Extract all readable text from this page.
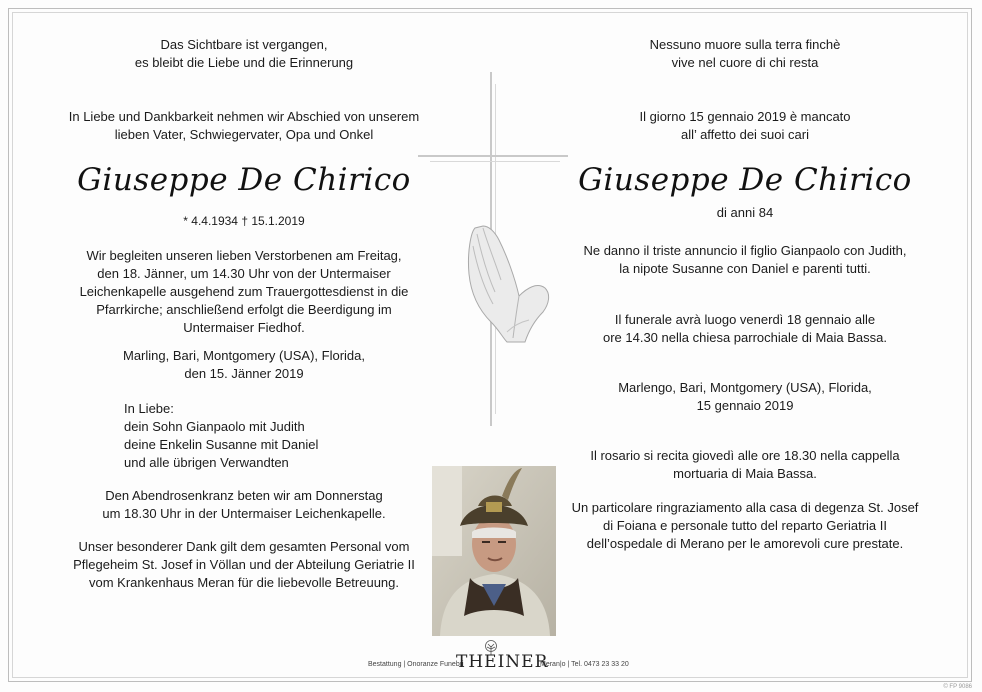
Das Sichtbare ist vergangen,
es bleibt die Liebe und die Erinnerung
In Liebe und Dankbarkeit nehmen wir Abschied von unserem
lieben Vater, Schwiegervater, Opa und Onkel
Giuseppe De Chirico
* 4.4.1934 † 15.1.2019
Wir begleiten unseren lieben Verstorbenen am Freitag,
den 18. Jänner, um 14.30 Uhr von der Untermaiser
Leichenkapelle ausgehend zum Trauergottesdienst in die
Pfarrkirche; anschließend erfolgt die Beerdigung im
Untermaiser Fiedhof.
Marling, Bari, Montgomery (USA), Florida,
den 15. Jänner 2019
In Liebe:
dein Sohn Gianpaolo mit Judith
deine Enkelin Susanne mit Daniel
und alle übrigen Verwandten
Den Abendrosenkranz beten wir am Donnerstag
um 18.30 Uhr in der Untermaiser Leichenkapelle.
Unser besonderer Dank gilt dem gesamten Personal vom
Pflegeheim St. Josef in Völlan und der Abteilung Geriatrie II
vom Krankenhaus Meran für die liebevolle Betreuung.
Nessuno muore sulla terra finchè
vive nel cuore di chi resta
Il giorno 15 gennaio 2019 è mancato
all’ affetto dei suoi cari
Giuseppe De Chirico
di anni 84
Ne danno il triste annuncio il figlio Gianpaolo con Judith,
la nipote Susanne con Daniel e parenti tutti.
Il funerale avrà luogo venerdì 18 gennaio alle
ore 14.30 nella chiesa parrochiale di Maia Bassa.
Marlengo, Bari, Montgomery (USA), Florida,
15 gennaio 2019
Il rosario si recita giovedì alle ore 18.30 nella cappella
mortuaria di Maia Bassa.
Un particolare ringraziamento alla casa di degenza St. Josef
di Foiana e personale tutto del reparto Geriatria II
dell’ospedale di Merano per le amorevoli cure prestate.
Bestattung | Onoranze Funebri
THEINER
Meran|o | Tel. 0473 23 33 20
© FP 9086
